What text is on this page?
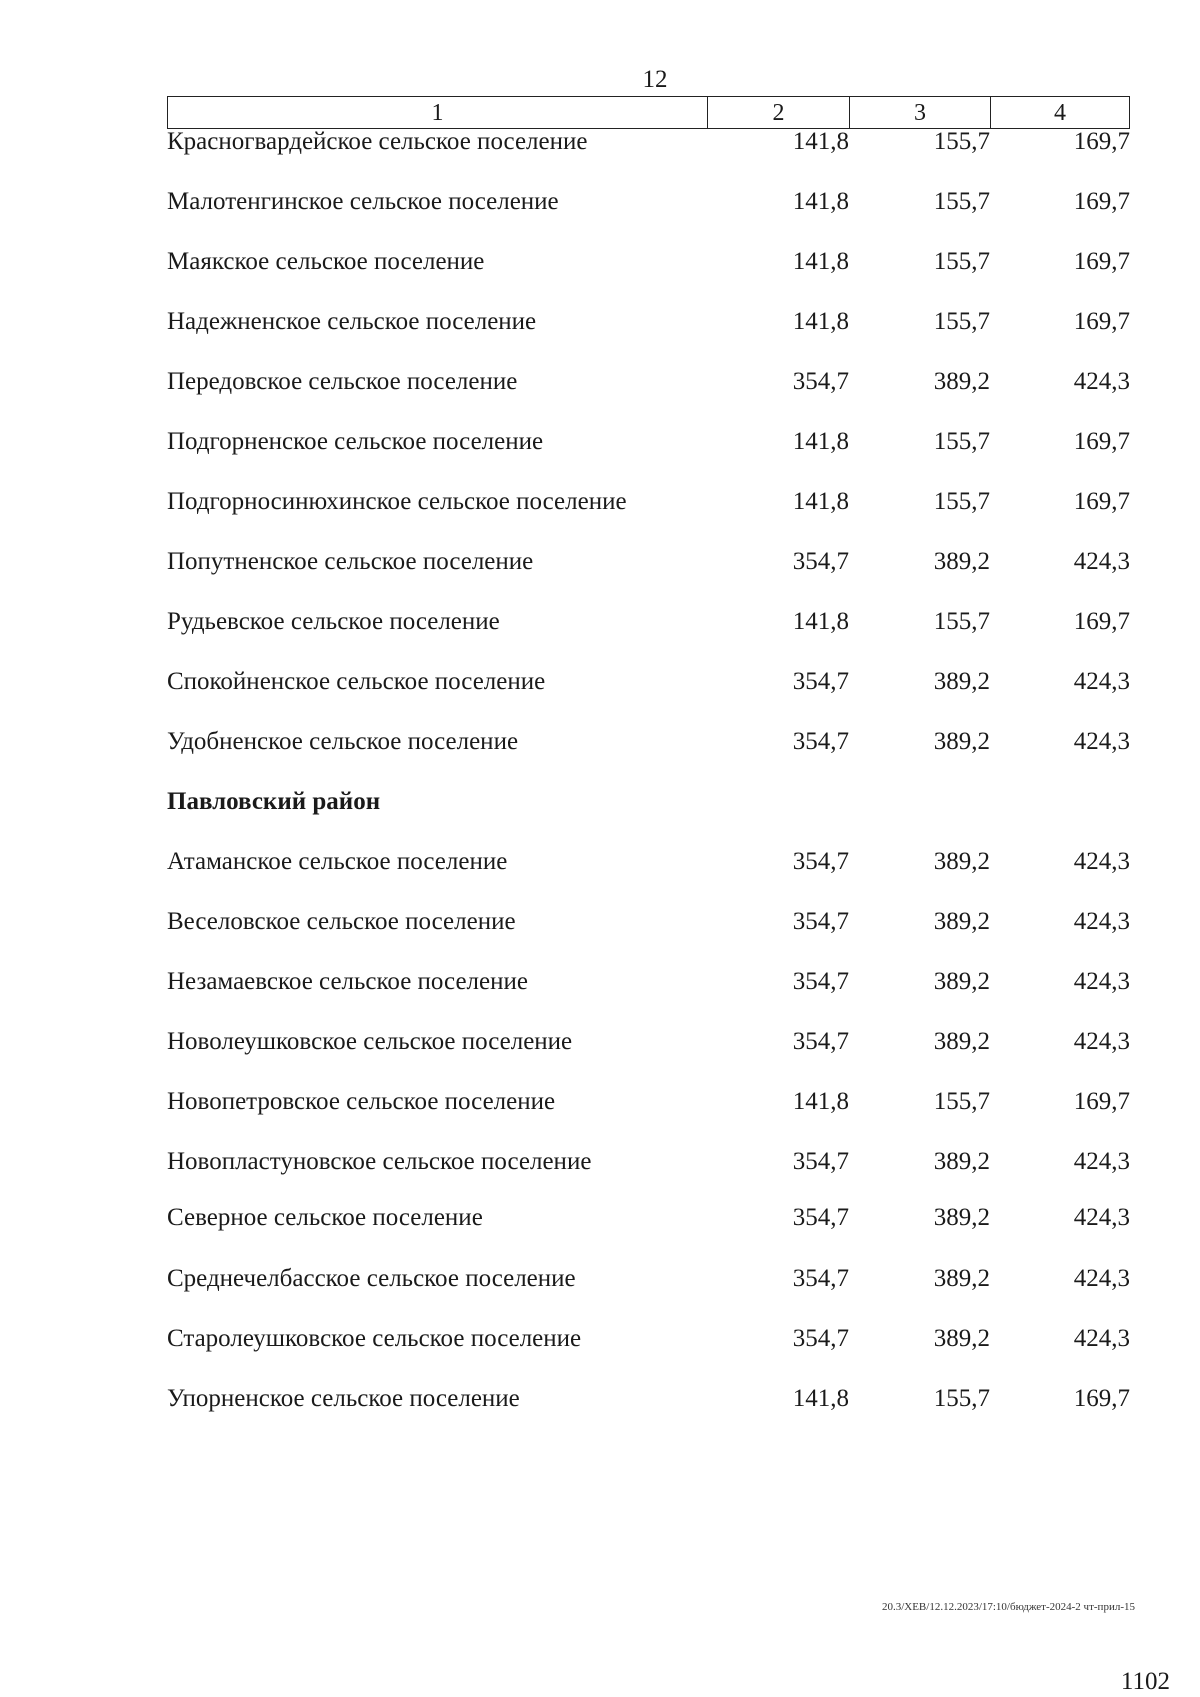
12
1	2	3	4
Красногвардейское сельское поселение	141,8	155,7	169,7
Малотенгинское сельское поселение	141,8	155,7	169,7
Маякское сельское поселение	141,8	155,7	169,7
Надежненское сельское поселение	141,8	155,7	169,7
Передовское сельское поселение	354,7	389,2	424,3
Подгорненское сельское поселение	141,8	155,7	169,7
Подгорносинюхинское сельское поселение	141,8	155,7	169,7
Попутненское сельское поселение	354,7	389,2	424,3
Рудьевское сельское поселение	141,8	155,7	169,7
Спокойненское сельское поселение	354,7	389,2	424,3
Удобненское сельское поселение	354,7	389,2	424,3
Павловский район
Атаманское сельское поселение	354,7	389,2	424,3
Веселовское сельское поселение	354,7	389,2	424,3
Незамаевское сельское поселение	354,7	389,2	424,3
Новолеушковское сельское поселение	354,7	389,2	424,3
Новопетровское сельское поселение	141,8	155,7	169,7
Новопластуновское сельское поселение	354,7	389,2	424,3
Северное сельское поселение	354,7	389,2	424,3
Среднечелбасское сельское поселение	354,7	389,2	424,3
Старолеушковское сельское поселение	354,7	389,2	424,3
Упорненское сельское поселение	141,8	155,7	169,7
20.3/ХЕВ/12.12.2023/17:10/бюджет-2024-2 чт-прил-15
1102
